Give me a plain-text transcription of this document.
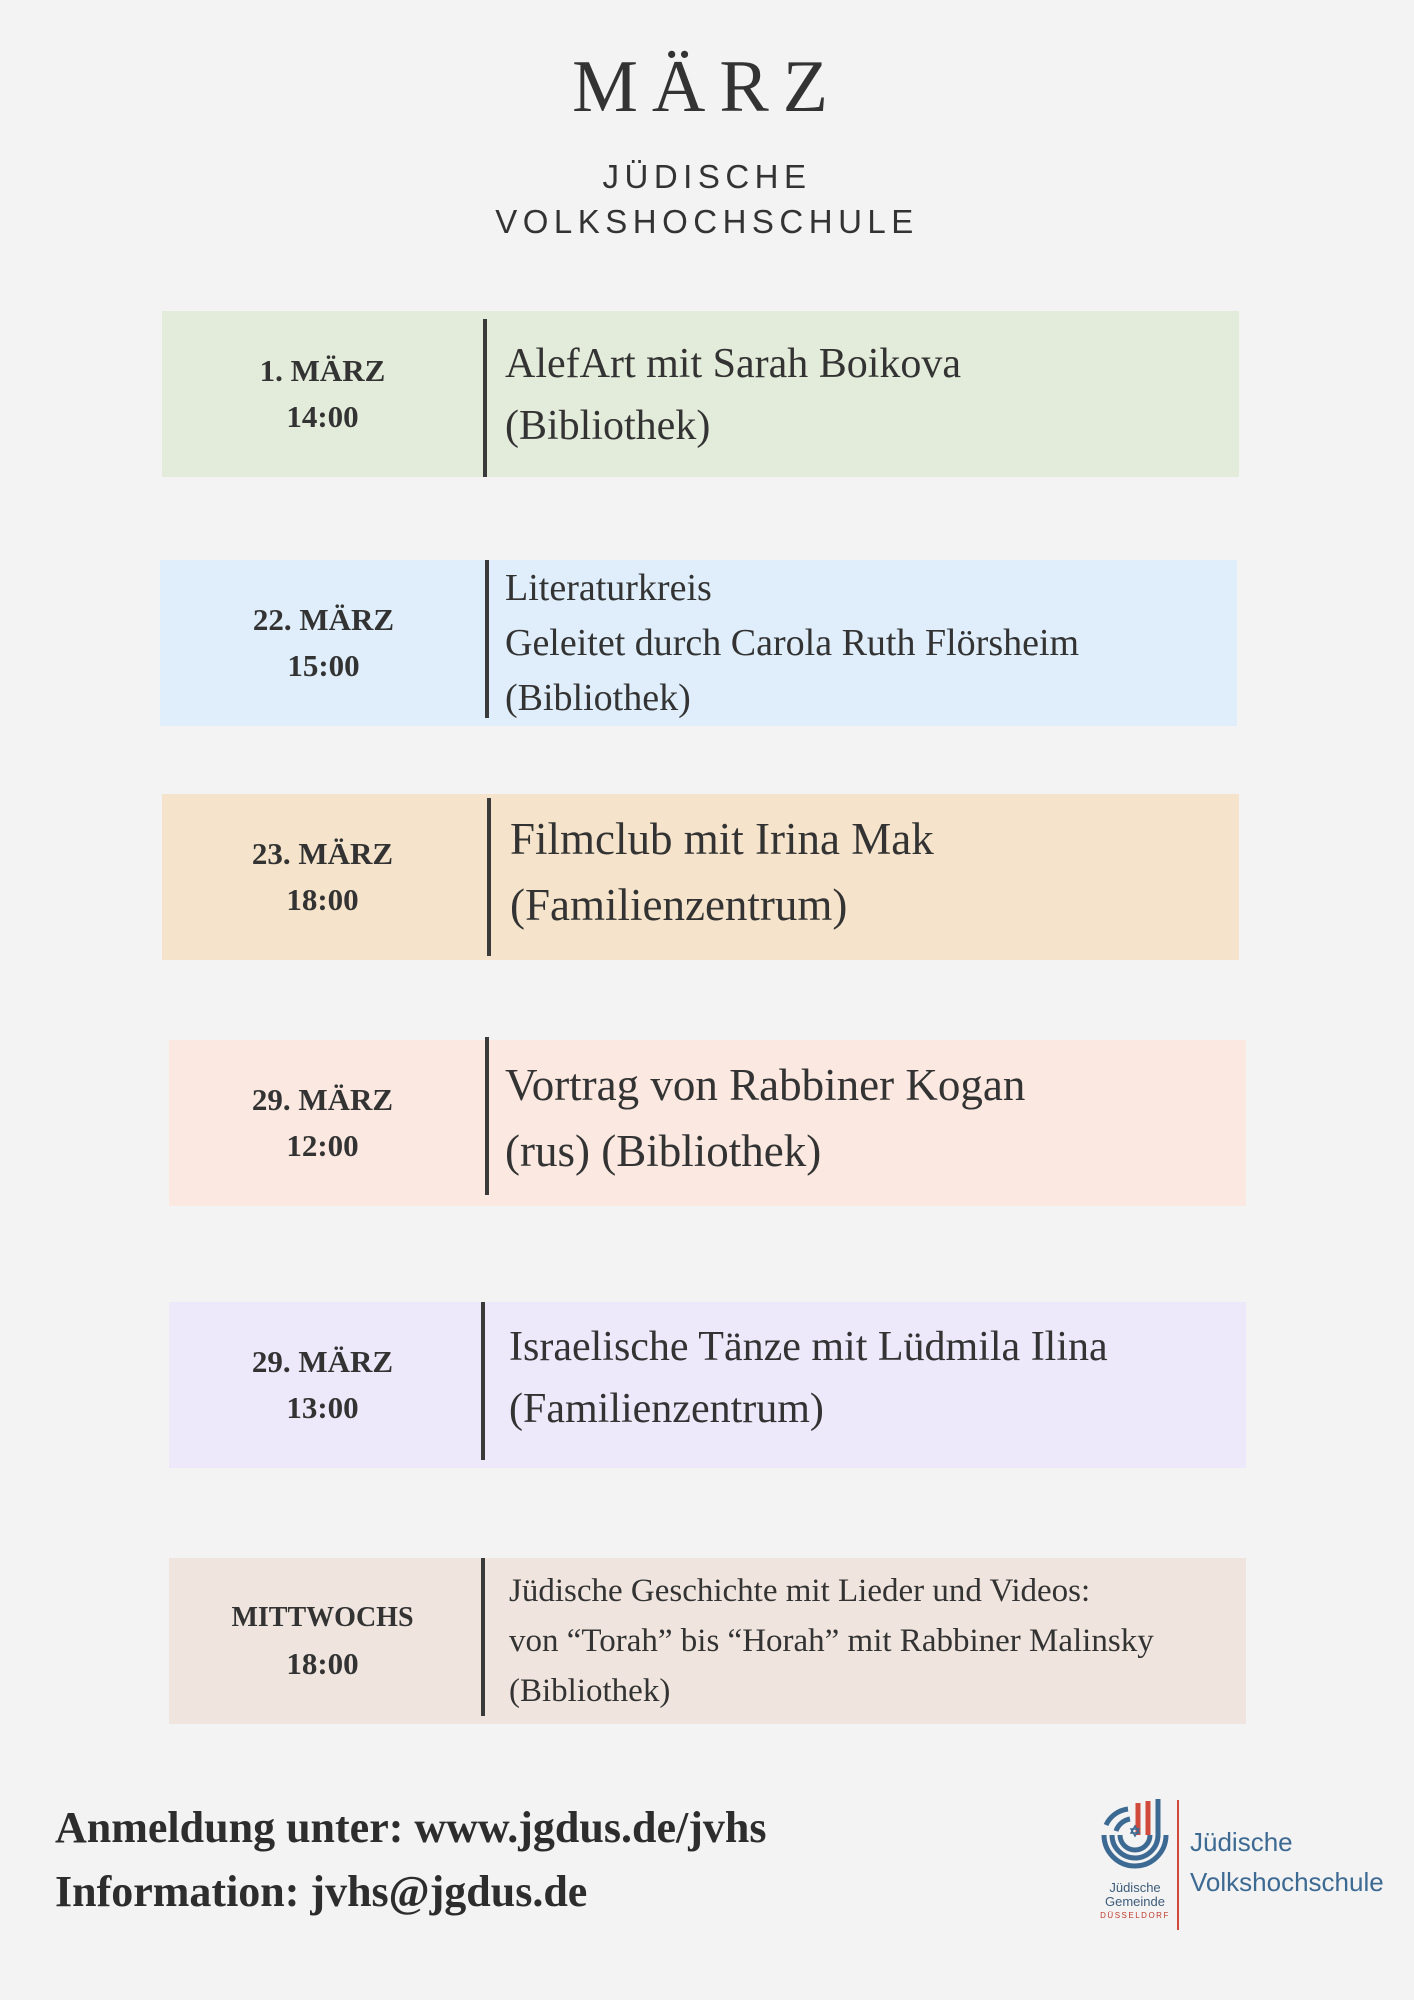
MÄRZ
JÜDISCHE
VOLKSHOCHSCHULE
1. MÄRZ
14:00
AlefArt mit Sarah Boikova
(Bibliothek)
22. MÄRZ
15:00
Literaturkreis
Geleitet durch Carola Ruth Flörsheim
(Bibliothek)
23. MÄRZ
18:00
Filmclub mit Irina Mak
(Familienzentrum)
29. MÄRZ
12:00
Vortrag von Rabbiner Kogan
(rus) (Bibliothek)
29. MÄRZ
13:00
Israelische Tänze mit Lüdmila Ilina
(Familienzentrum)
MITTWOCHS
18:00
Jüdische Geschichte mit Lieder und Videos:
von “Torah” bis “Horah” mit Rabbiner Malinsky
(Bibliothek)
Anmeldung unter: www.jgdus.de/jvhs
Information: jvhs@jgdus.de	Jüdische
Gemeinde
DÜSSELDORF
Jüdische
Volkshochschule
